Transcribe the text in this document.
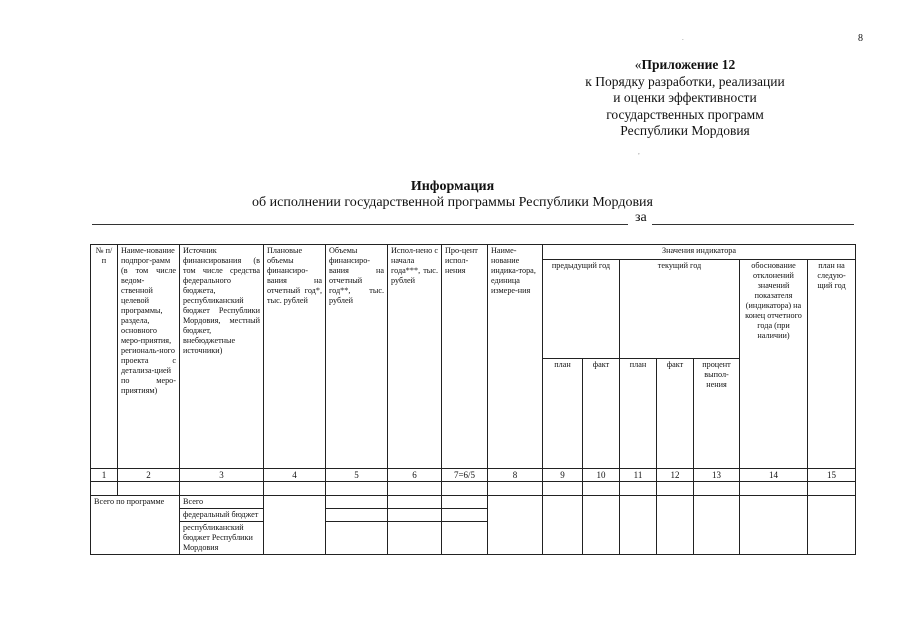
8
.
,
«Приложение 12
к Порядку разработки, реализации
и оценки эффективности
государственных программ
Республики Мордовия
Информация
об исполнении государственной программы Республики Мордовия
за
№ п/п	Наиме-нование подпрог-рамм (в том числе ведом-ственной целевой программы, раздела, основного меро-приятия, региональ-ного проекта с детализа-цией по меро-приятиям)	Источник финансирования (в том числе средства федерального бюджета, республиканский бюджет Республики Мордовия, местный бюджет, внебюджетные источники)	Плановые объемы финансиро-вания на отчетный год*, тыс. рублей	Объемы финансиро-вания на отчетный год**, тыс. рублей	Испол-нено с начала года***, тыс. рублей	Про-цент испол-нения	Наиме-нование индика-тора, единица измере-ния	Значения индикатора						
								предыдущий год		текущий год			обоснование отклонений значений показателя (индикатора) на конец отчетного года (при наличии)	план на следую-щий год
								план	факт	план	факт	процент выпол-нения		
1	2	3	4	5	6	7=6/5	8	9	10	11	12	13	14	15

Всего по программе		Всего												
		федеральный бюджет												
		республиканский бюджет Республики Мордовия												
